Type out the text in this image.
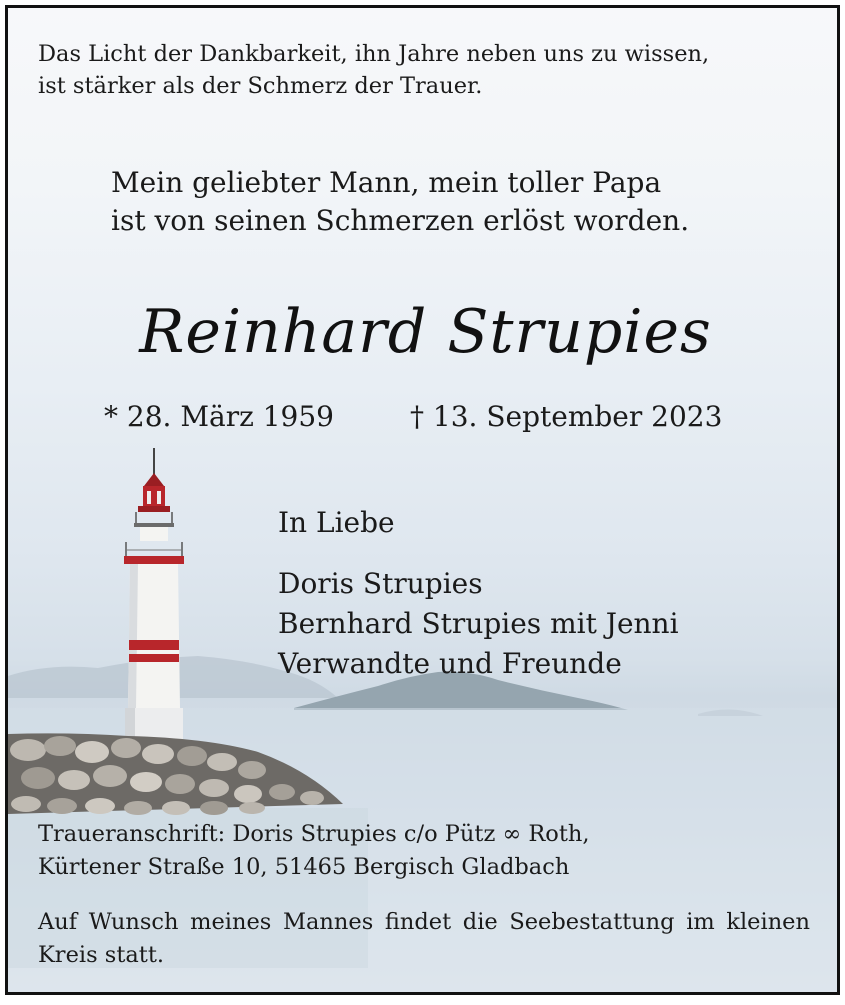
Das Licht der Dankbarkeit, ihn Jahre neben uns zu wissen,
ist stärker als der Schmerz der Trauer.
Mein geliebter Mann, mein toller Papa
ist von seinen Schmerzen erlöst worden.
Reinhard Strupies
* 28. März 1959	† 13. September 2023
In Liebe
Doris Strupies
Bernhard Strupies mit Jenni
Verwandte und Freunde
Traueranschrift: Doris Strupies c/o Pütz ∞ Roth,
Kürtener Straße 10, 51465 Bergisch Gladbach
Auf Wunsch meines Mannes findet die Seebestattung im kleinen Kreis statt.
